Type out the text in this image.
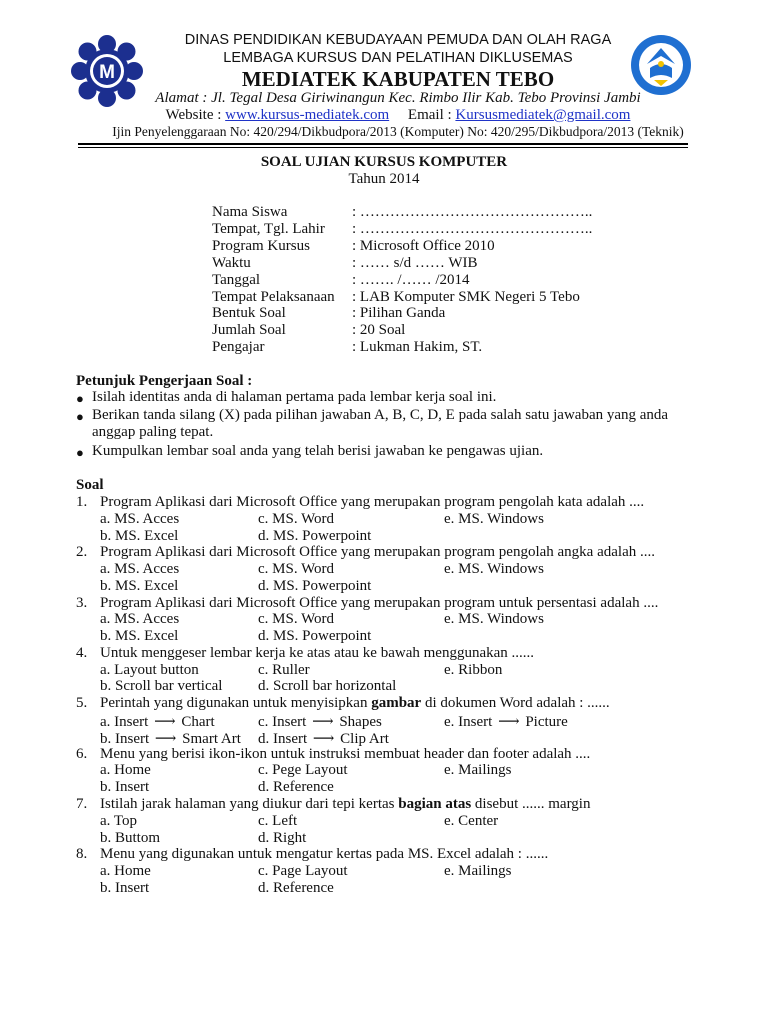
M
DINAS PENDIDIKAN KEBUDAYAAN PEMUDA DAN OLAH RAGA
LEMBAGA KURSUS DAN PELATIHAN DIKLUSEMAS
MEDIATEK KABUPATEN TEBO
Alamat : Jl. Tegal Desa Giriwinangun Kec. Rimbo Ilir Kab. Tebo Provinsi Jambi
Website : www.kursus-mediatek.com Email : Kursusmediatek@gmail.com
Ijin Penyelenggaraan No: 420/294/Dikbudpora/2013 (Komputer) No: 420/295/Dikbudpora/2013 (Teknik)
SOAL UJIAN KURSUS KOMPUTER
Tahun 2014
Nama Siswa	: ………………………………………..
Tempat, Tgl. Lahir : ………………………………………..
Program Kursus	: Microsoft Office 2010
Waktu	: …… s/d …… WIB
Tanggal	: ……. /…… /2014
Tempat Pelaksanaan : LAB Komputer SMK Negeri 5 Tebo
Bentuk Soal	: Pilihan Ganda
Jumlah Soal	: 20 Soal
Pengajar	: Lukman Hakim, ST.
Petunjuk Pengerjaan Soal :
● Isilah identitas anda di halaman pertama pada lembar kerja soal ini.
● Berikan tanda silang (X) pada pilihan jawaban A, B, C, D, E pada salah satu jawaban yang anda
anggap paling tepat.
● Kumpulkan lembar soal anda yang telah berisi jawaban ke pengawas ujian.
Soal
1. Program Aplikasi dari Microsoft Office yang merupakan program pengolah kata adalah ....
a. MS. Acces	c. MS. Word	e. MS. Windows
b. MS. Excel	d. MS. Powerpoint
2. Program Aplikasi dari Microsoft Office yang merupakan program pengolah angka adalah ....
a. MS. Acces	c. MS. Word	e. MS. Windows
b. MS. Excel	d. MS. Powerpoint
3. Program Aplikasi dari Microsoft Office yang merupakan program untuk persentasi adalah ....
a. MS. Acces	c. MS. Word	e. MS. Windows
b. MS. Excel	d. MS. Powerpoint
4. Untuk menggeser lembar kerja ke atas atau ke bawah menggunakan ......
a. Layout button	c. Ruller	e. Ribbon
b. Scroll bar vertical d. Scroll bar horizontal
5. Perintah yang digunakan untuk menyisipkan gambar di dokumen Word adalah : ......
a. Insert ⟶ Chart	c. Insert ⟶ Shapes	e. Insert ⟶ Picture
b. Insert ⟶ Smart Art d. Insert ⟶ Clip Art
6. Menu yang berisi ikon-ikon untuk instruksi membuat header dan footer adalah ....
a. Home	c. Pege Layout	e. Mailings
b. Insert	d. Reference
7. Istilah jarak halaman yang diukur dari tepi kertas bagian atas disebut ...... margin
a. Top	c. Left	e. Center
b. Buttom	d. Right
8. Menu yang digunakan untuk mengatur kertas pada MS. Excel adalah : ......
a. Home	c. Page Layout	e. Mailings
b. Insert	d. Reference
